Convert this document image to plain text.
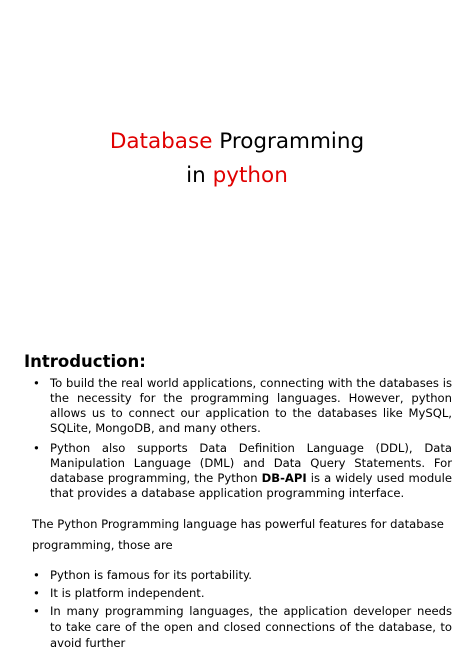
Database Programming
in python
Introduction:
• To build the real world applications, connecting with the databases is the necessity for the programming languages. However, python allows us to connect our application to the databases like MySQL, SQLite, MongoDB, and many others.
• Python also supports Data Definition Language (DDL), Data Manipulation Language (DML) and Data Query Statements. For database programming, the Python DB-API is a widely used module that provides a database application programming interface.

The Python Programming language has powerful features for database programming, those are

• Python is famous for its portability.
• It is platform independent.
• In many programming languages, the application developer needs to take care of the open and closed connections of the database, to avoid further
